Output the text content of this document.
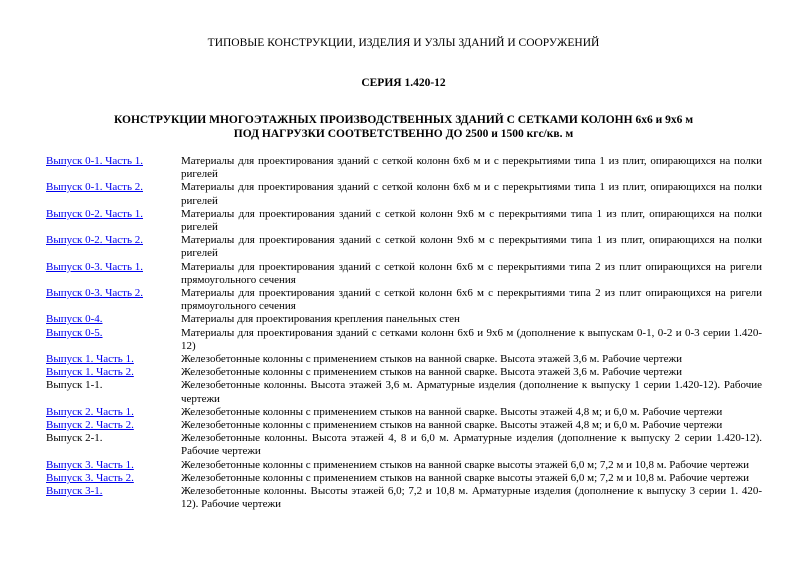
ТИПОВЫЕ КОНСТРУКЦИИ, ИЗДЕЛИЯ И УЗЛЫ ЗДАНИЙ И СООРУЖЕНИЙ
СЕРИЯ 1.420-12
КОНСТРУКЦИИ МНОГОЭТАЖНЫХ ПРОИЗВОДСТВЕННЫХ ЗДАНИЙ С СЕТКАМИ КОЛОНН 6х6 и 9х6 м
ПОД НАГРУЗКИ СООТВЕТСТВЕННО ДО 2500 и 1500 кгс/кв. м
Выпуск 0-1. Часть 1.	Материалы для проектирования зданий с сеткой колонн 6х6 м и с перекрытиями типа 1 из плит, опирающихся на полки ригелей
Выпуск 0-1. Часть 2.	Материалы для проектирования зданий с сеткой колонн 6х6 м и с перекрытиями типа 1 из плит, опирающихся на полки ригелей
Выпуск 0-2. Часть 1.	Материалы для проектирования зданий с сеткой колонн 9х6 м с перекрытиями типа 1 из плит, опирающихся на полки ригелей
Выпуск 0-2. Часть 2.	Материалы для проектирования зданий с сеткой колонн 9х6 м с перекрытиями типа 1 из плит, опирающихся на полки ригелей
Выпуск 0-3. Часть 1.	Материалы для проектирования зданий с сеткой колонн 6х6 м с перекрытиями типа 2 из плит опирающихся на ригели прямоугольного сечения
Выпуск 0-3. Часть 2.	Материалы для проектирования зданий с сеткой колонн 6х6 м с перекрытиями типа 2 из плит опирающихся на ригели прямоугольного сечения
Выпуск 0-4.	Материалы для проектирования крепления панельных стен
Выпуск 0-5.	Материалы для проектирования зданий с сетками колонн 6х6 и 9х6 м (дополнение к выпускам 0-1, 0-2 и 0-3 серии 1.420-12)
Выпуск 1. Часть 1.	Железобетонные колонны с применением стыков на ванной сварке. Высота этажей 3,6 м. Рабочие чертежи
Выпуск 1. Часть 2.	Железобетонные колонны с применением стыков на ванной сварке. Высота этажей 3,6 м. Рабочие чертежи
Выпуск 1-1.	Железобетонные колонны. Высота этажей 3,6 м. Арматурные изделия (дополнение к выпуску 1 серии 1.420-12). Рабочие чертежи
Выпуск 2. Часть 1.	Железобетонные колонны с применением стыков на ванной сварке. Высоты этажей 4,8 м; и 6,0 м. Рабочие чертежи
Выпуск 2. Часть 2.	Железобетонные колонны с применением стыков на ванной сварке. Высоты этажей 4,8 м; и 6,0 м. Рабочие чертежи
Выпуск 2-1.	Железобетонные колонны. Высота этажей 4, 8 и 6,0 м. Арматурные изделия (дополнение к выпуску 2 серии 1.420-12). Рабочие чертежи
Выпуск 3. Часть 1.	Железобетонные колонны с применением стыков на ванной сварке высоты этажей 6,0 м; 7,2 м и 10,8 м. Рабочие чертежи
Выпуск 3. Часть 2.	Железобетонные колонны с применением стыков на ванной сварке высоты этажей 6,0 м; 7,2 м и 10,8 м. Рабочие чертежи
Выпуск 3-1.	Железобетонные колонны. Высоты этажей 6,0; 7,2 и 10,8 м. Арматурные изделия (дополнение к выпуску 3 серии 1. 420-12). Рабочие чертежи
